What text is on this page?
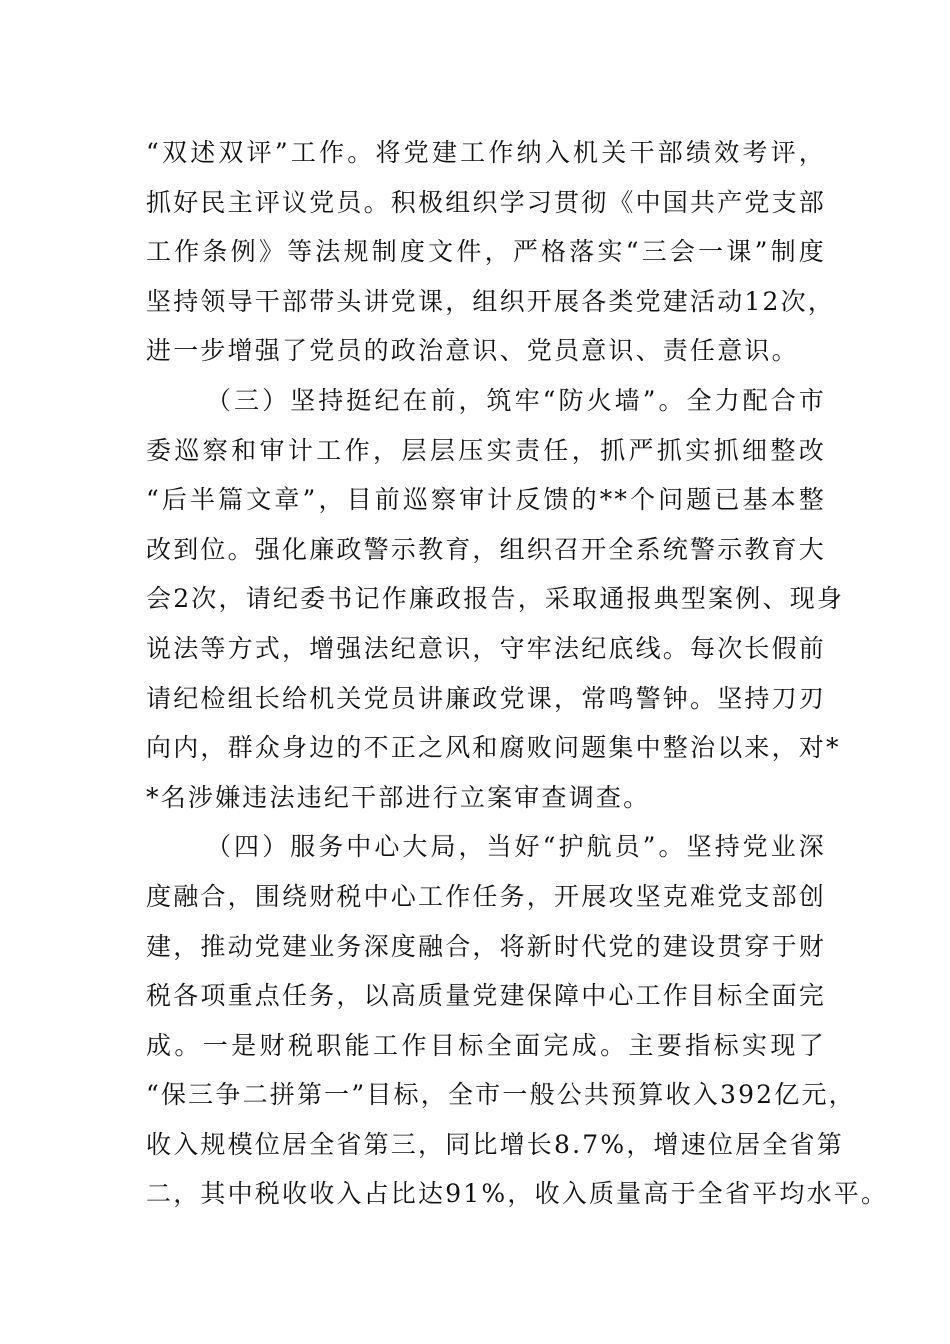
“双述双评”工作。将党建工作纳入机关干部绩效考评，
抓好民主评议党员。积极组织学习贯彻《中国共产党支部
工作条例》等法规制度文件，严格落实“三会一课”制度
坚持领导干部带头讲党课，组织开展各类党建活动12次，
进一步增强了党员的政治意识、党员意识、责任意识。
（三）坚持挺纪在前，筑牢“防火墙”。全力配合市
委巡察和审计工作，层层压实责任，抓严抓实抓细整改
“后半篇文章”，目前巡察审计反馈的**个问题已基本整
改到位。强化廉政警示教育，组织召开全系统警示教育大
会2次，请纪委书记作廉政报告，采取通报典型案例、现身
说法等方式，增强法纪意识，守牢法纪底线。每次长假前
请纪检组长给机关党员讲廉政党课，常鸣警钟。坚持刀刃
向内，群众身边的不正之风和腐败问题集中整治以来，对*
*名涉嫌违法违纪干部进行立案审查调查。
（四）服务中心大局，当好“护航员”。坚持党业深
度融合，围绕财税中心工作任务，开展攻坚克难党支部创
建，推动党建业务深度融合，将新时代党的建设贯穿于财
税各项重点任务，以高质量党建保障中心工作目标全面完
成。一是财税职能工作目标全面完成。主要指标实现了
“保三争二拼第一”目标，全市一般公共预算收入392亿元，
收入规模位居全省第三，同比增长8.7%，增速位居全省第
二，其中税收收入占比达91%，收入质量高于全省平均水平。
